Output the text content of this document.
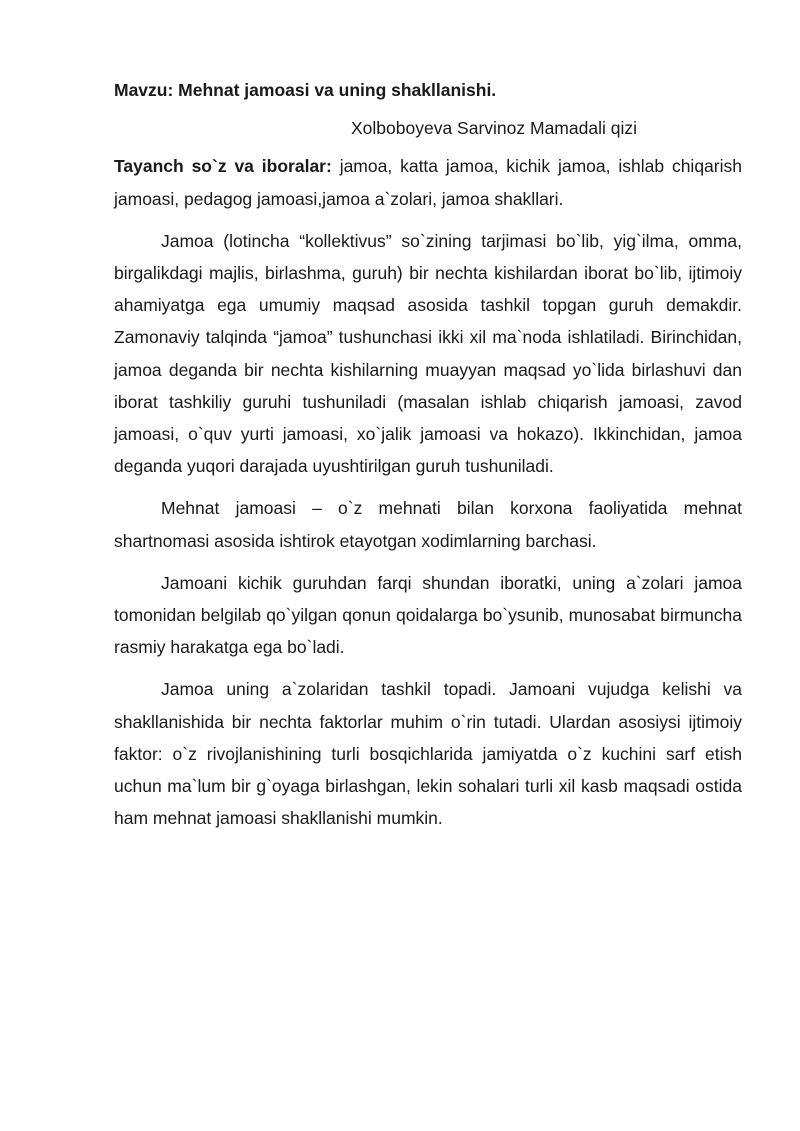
Mavzu: Mehnat jamoasi va uning shakllanishi.

Xolboboyeva Sarvinoz Mamadali qizi

Tayanch so`z va iboralar: jamoa, katta jamoa, kichik jamoa, ishlab chiqarish jamoasi, pedagog jamoasi,jamoa a`zolari, jamoa shakllari.

Jamoa (lotincha “kollektivus” so`zining tarjimasi bo`lib, yig`ilma, omma, birgalikdagi majlis, birlashma, guruh) bir nechta kishilardan iborat bo`lib, ijtimoiy ahamiyatga ega umumiy maqsad asosida tashkil topgan guruh demakdir. Zamonaviy talqinda “jamoa” tushunchasi ikki xil ma`noda ishlatiladi. Birinchidan, jamoa deganda bir nechta kishilarning muayyan maqsad yo`lida birlashuvi dan iborat tashkiliy guruhi tushuniladi (masalan ishlab chiqarish jamoasi, zavod jamoasi, o`quv yurti jamoasi, xo`jalik jamoasi va hokazo). Ikkinchidan, jamoa deganda yuqori darajada uyushtirilgan guruh tushuniladi.

Mehnat jamoasi – o`z mehnati bilan korxona faoliyatida mehnat shartnomasi asosida ishtirok etayotgan xodimlarning barchasi.

Jamoani kichik guruhdan farqi shundan iboratki, uning a`zolari jamoa tomonidan belgilab qo`yilgan qonun qoidalarga bo`ysunib, munosabat birmuncha rasmiy harakatga ega bo`ladi.

Jamoa uning a`zolaridan tashkil topadi. Jamoani vujudga kelishi va shakllanishida bir nechta faktorlar muhim o`rin tutadi. Ulardan asosiysi ijtimoiy faktor: o`z rivojlanishining turli bosqichlarida jamiyatda o`z kuchini sarf etish uchun ma`lum bir g`oyaga birlashgan, lekin sohalari turli xil kasb maqsadi ostida ham mehnat jamoasi shakllanishi mumkin.
